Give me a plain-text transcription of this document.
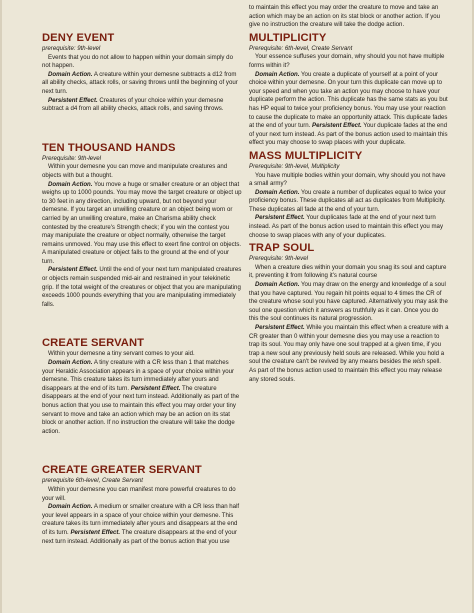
DENY EVENT
prerequisite: 9th-level

Events that you do not allow to happen within your domain simply do not happen.

Domain Action. A creature within your demesne subtracts a d12 from all ability checks, attack rolls, or saving throws until the beginning of your next turn.

Persistent Effect. Creatures of your choice within your demesne subtract a d4 from all ability checks, attack rolls, and saving throws.

TEN THOUSAND HANDS
Prerequisite: 9th-level

Within your demesne you can move and manipulate creatures and objects with but a thought.

Domain Action. You move a huge or smaller creature or an object that weighs up to 1000 pounds. You may move the target creature or object up to 30 feet in any direction, including upward, but not beyond your demesne. If you target an unwilling creature or an object being worn or carried by an unwilling creature, make an Charisma ability check contested by the creature's Strength check; if you win the contest you may manipulate the creature or object normally, otherwise the target remains unmoved. You may use this effect to exert fine control on objects. A manipulated creature or object falls to the ground at the end of your turn.

Persistent Effect. Until the end of your next turn manipulated creatures or objects remain suspended mid-air and restrained in your telekinetic grip. If the total weight of the creatures or object that you are manipulating exceeds 1000 pounds everything that you are manipulating immediately falls.

CREATE SERVANT

Within your demesne a tiny servant comes to your aid.

Domain Action. A tiny creature with a CR less than 1 that matches your Heraldic Association appears in a space of your choice within your demesne. This creature takes its turn immediately after yours and disappears at the end of its turn. Persistent Effect. The creature disappears at the end of your next turn instead. Additionally as part of the bonus action that you use to maintain this effect you may order your tiny servant to move and take an action which may be an action on its stat block or another action. If no instruction the creature will take the dodge action.

CREATE GREATER SERVANT
prerequisite 6th-level, Create Servant

Within your demesne you can manifest more powerful creatures to do your will.

Domain Action. A medium or smaller creature with a CR less than half your level appears in a space of your choice within your demesne. This creature takes its turn immediately after yours and disappears at the end of its turn. Persistent Effect. The creature disappears at the end of your next turn instead. Additionally as part of the bonus action that you use

to maintain this effect you may order the creature to move and take an action which may be an action on its stat block or another action. If you give no instruction the creature will take the dodge action.

MULTIPLICITY
Prerequisite: 6th-level, Create Servant

Your essence suffuses your domain, why should you not have multiple forms within it?

Domain Action. You create a duplicate of yourself at a point of your choice within your demesne. On your turn this duplicate can move up to your speed and when you take an action you may choose to have your duplicate perform the action. This duplicate has the same stats as you but has HP equal to twice your proficiency bonus. You may use your reaction to cause the duplicate to make an opportunity attack. This duplicate fades at the end of your turn. Persistent Effect. Your duplicate fades at the end of your next turn instead. As part of the bonus action used to maintain this effect you may choose to swap places with your duplicate.

MASS MULTIPLICITY
Prerequisite: 9th-level, Multiplicity

You have multiple bodies within your domain, why should you not have a small army?

Domain Action. You create a number of duplicates equal to twice your proficiency bonus. These duplicates all act as duplicates from Multiplicity. These duplicates all fade at the end of your turn.

Persistent Effect. Your duplicates fade at the end of your next turn instead. As part of the bonus action used to maintain this effect you may choose to swap places with any of your duplicates.

TRAP SOUL
Prerequisite: 9th-level

When a creature dies within your domain you snag its soul and capture it, preventing it from following it's natural course

Domain Action. You may draw on the energy and knowledge of a soul that you have captured. You regain hit points equal to 4 times the CR of the creature whose soul you have captured. Alternatively you may ask the soul one question which it answers as truthfully as it can. Once you do this the soul continues its natural progression.

Persistent Effect. While you maintain this effect when a creature with a CR greater than 0 within your demesne dies you may use a reaction to trap its soul. You may only have one soul trapped at a given time, if you trap a new soul any previously held souls are released. While you hold a soul the creature can't be revived by any means besides the wish spell. As part of the bonus action used to maintain this effect you may release any stored souls.
